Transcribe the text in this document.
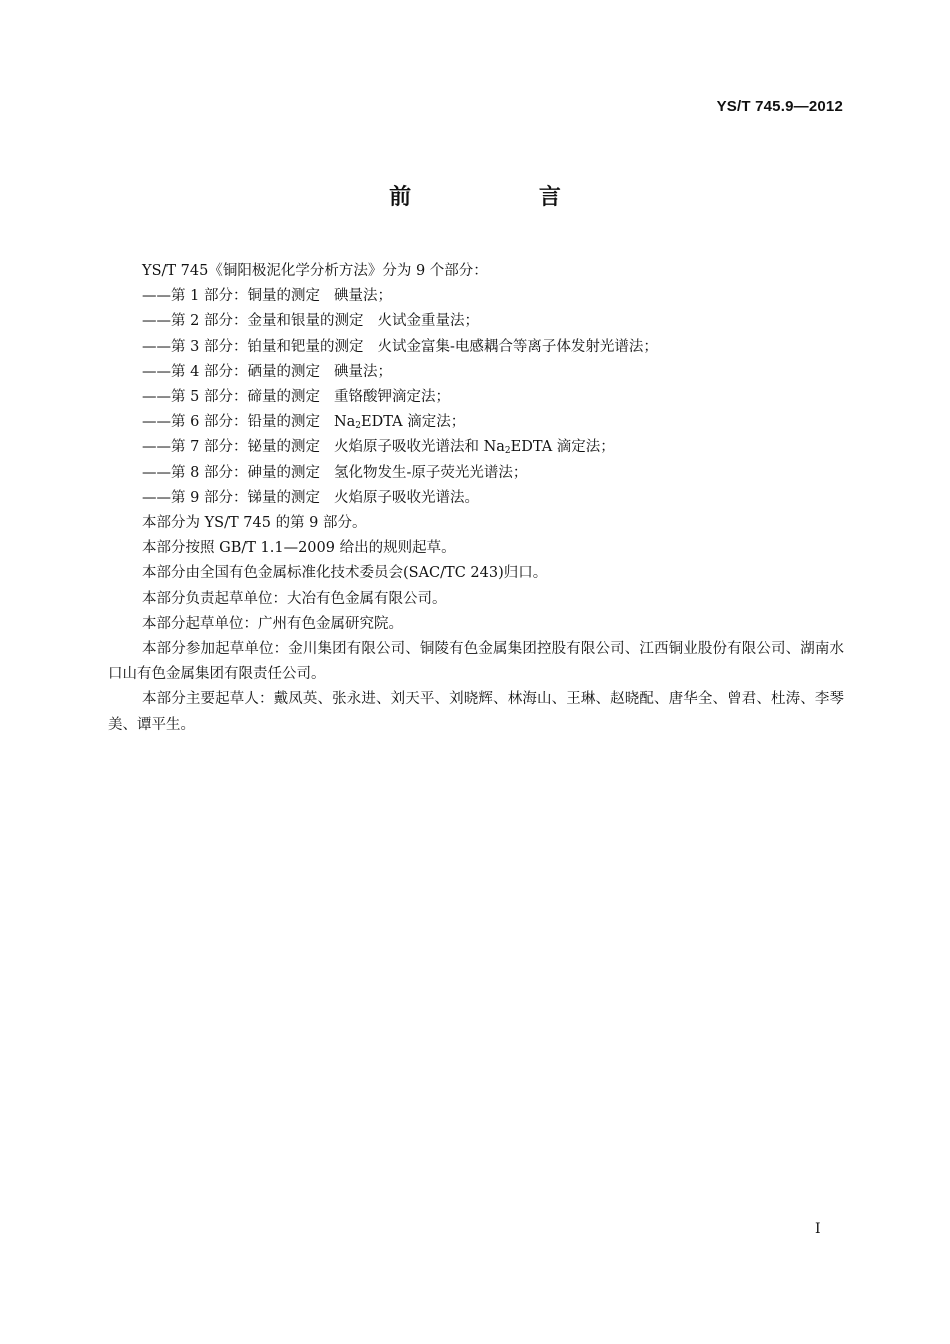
YS/T 745.9—2012
前 言

YS/T 745《铜阳极泥化学分析方法》分为 9 个部分：

——第 1 部分：铜量的测定 碘量法；

——第 2 部分：金量和银量的测定 火试金重量法；

——第 3 部分：铂量和钯量的测定 火试金富集-电感耦合等离子体发射光谱法；

——第 4 部分：硒量的测定 碘量法；

——第 5 部分：碲量的测定 重铬酸钾滴定法；

——第 6 部分：铅量的测定 $Na_2EDTA$ 滴定法；

——第 7 部分：铋量的测定 火焰原子吸收光谱法和 $Na_2EDTA$ 滴定法；

——第 8 部分：砷量的测定 氢化物发生-原子荧光光谱法；

——第 9 部分：锑量的测定 火焰原子吸收光谱法。

本部分为 YS/T 745 的第 9 部分。

本部分按照 GB/T 1.1—2009 给出的规则起草。

本部分由全国有色金属标准化技术委员会(SAC/TC 243)归口。

本部分负责起草单位：大冶有色金属有限公司。

本部分起草单位：广州有色金属研究院。

本部分参加起草单位：金川集团有限公司、铜陵有色金属集团控股有限公司、江西铜业股份有限公司、湖南水口山有色金属集团有限责任公司。

本部分主要起草人：戴凤英、张永进、刘天平、刘晓辉、林海山、王琳、赵晓配、唐华全、曾君、杜涛、李琴美、谭平生。

I
